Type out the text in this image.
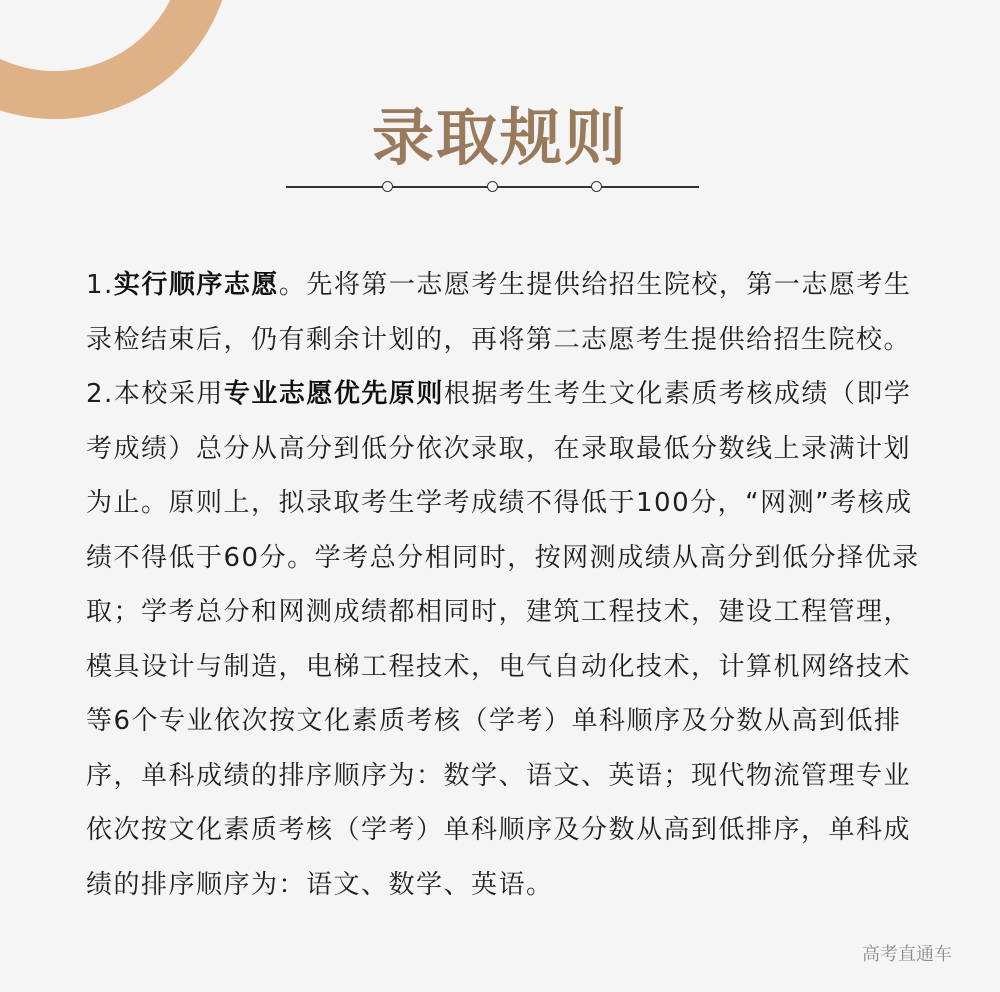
录取规则

1.实行顺序志愿。先将第一志愿考生提供给招生院校，第一志愿考生录检结束后，仍有剩余计划的，再将第二志愿考生提供给招生院校。

2.本校采用专业志愿优先原则根据考生考生文化素质考核成绩（即学考成绩）总分从高分到低分依次录取，在录取最低分数线上录满计划为止。原则上，拟录取考生学考成绩不得低于100分，“网测”考核成绩不得低于60分。学考总分相同时，按网测成绩从高分到低分择优录取；学考总分和网测成绩都相同时，建筑工程技术，建设工程管理，模具设计与制造，电梯工程技术，电气自动化技术，计算机网络技术等6个专业依次按文化素质考核（学考）单科顺序及分数从高到低排序，单科成绩的排序顺序为：数学、语文、英语；现代物流管理专业依次按文化素质考核（学考）单科顺序及分数从高到低排序，单科成绩的排序顺序为：语文、数学、英语。

高考直通车
